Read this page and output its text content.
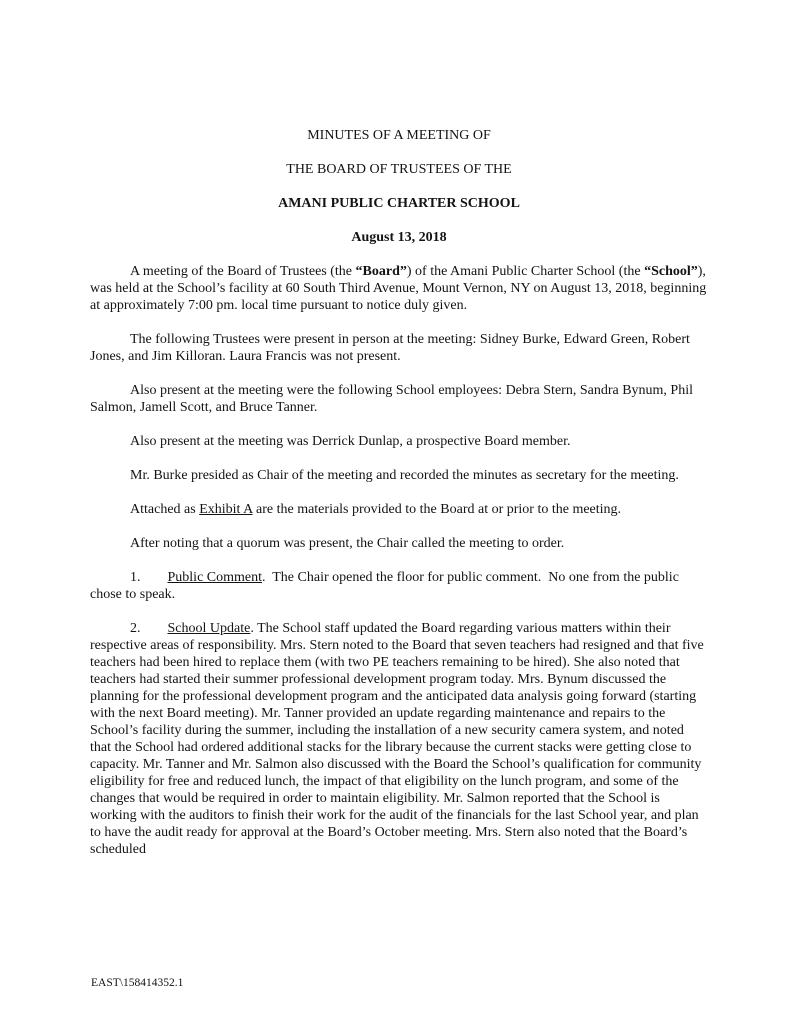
MINUTES OF A MEETING OF

THE BOARD OF TRUSTEES OF THE

AMANI PUBLIC CHARTER SCHOOL

August 13, 2018

A meeting of the Board of Trustees (the “Board”) of the Amani Public Charter School (the “School”), was held at the School’s facility at 60 South Third Avenue, Mount Vernon, NY on August 13, 2018, beginning at approximately 7:00 pm. local time pursuant to notice duly given.

The following Trustees were present in person at the meeting: Sidney Burke, Edward Green, Robert Jones, and Jim Killoran. Laura Francis was not present.

Also present at the meeting were the following School employees: Debra Stern, Sandra Bynum, Phil Salmon, Jamell Scott, and Bruce Tanner.

Also present at the meeting was Derrick Dunlap, a prospective Board member.

Mr. Burke presided as Chair of the meeting and recorded the minutes as secretary for the meeting.

Attached as Exhibit A are the materials provided to the Board at or prior to the meeting.

After noting that a quorum was present, the Chair called the meeting to order.

1. Public Comment.  The Chair opened the floor for public comment.  No one from the public chose to speak.

2. School Update. The School staff updated the Board regarding various matters within their respective areas of responsibility. Mrs. Stern noted to the Board that seven teachers had resigned and that five teachers had been hired to replace them (with two PE teachers remaining to be hired). She also noted that teachers had started their summer professional development program today. Mrs. Bynum discussed the planning for the professional development program and the anticipated data analysis going forward (starting with the next Board meeting). Mr. Tanner provided an update regarding maintenance and repairs to the School’s facility during the summer, including the installation of a new security camera system, and noted that the School had ordered additional stacks for the library because the current stacks were getting close to capacity. Mr. Tanner and Mr. Salmon also discussed with the Board the School’s qualification for community eligibility for free and reduced lunch, the impact of that eligibility on the lunch program, and some of the changes that would be required in order to maintain eligibility. Mr. Salmon reported that the School is working with the auditors to finish their work for the audit of the financials for the last School year, and plan to have the audit ready for approval at the Board’s October meeting. Mrs. Stern also noted that the Board’s scheduled

EAST\158414352.1
